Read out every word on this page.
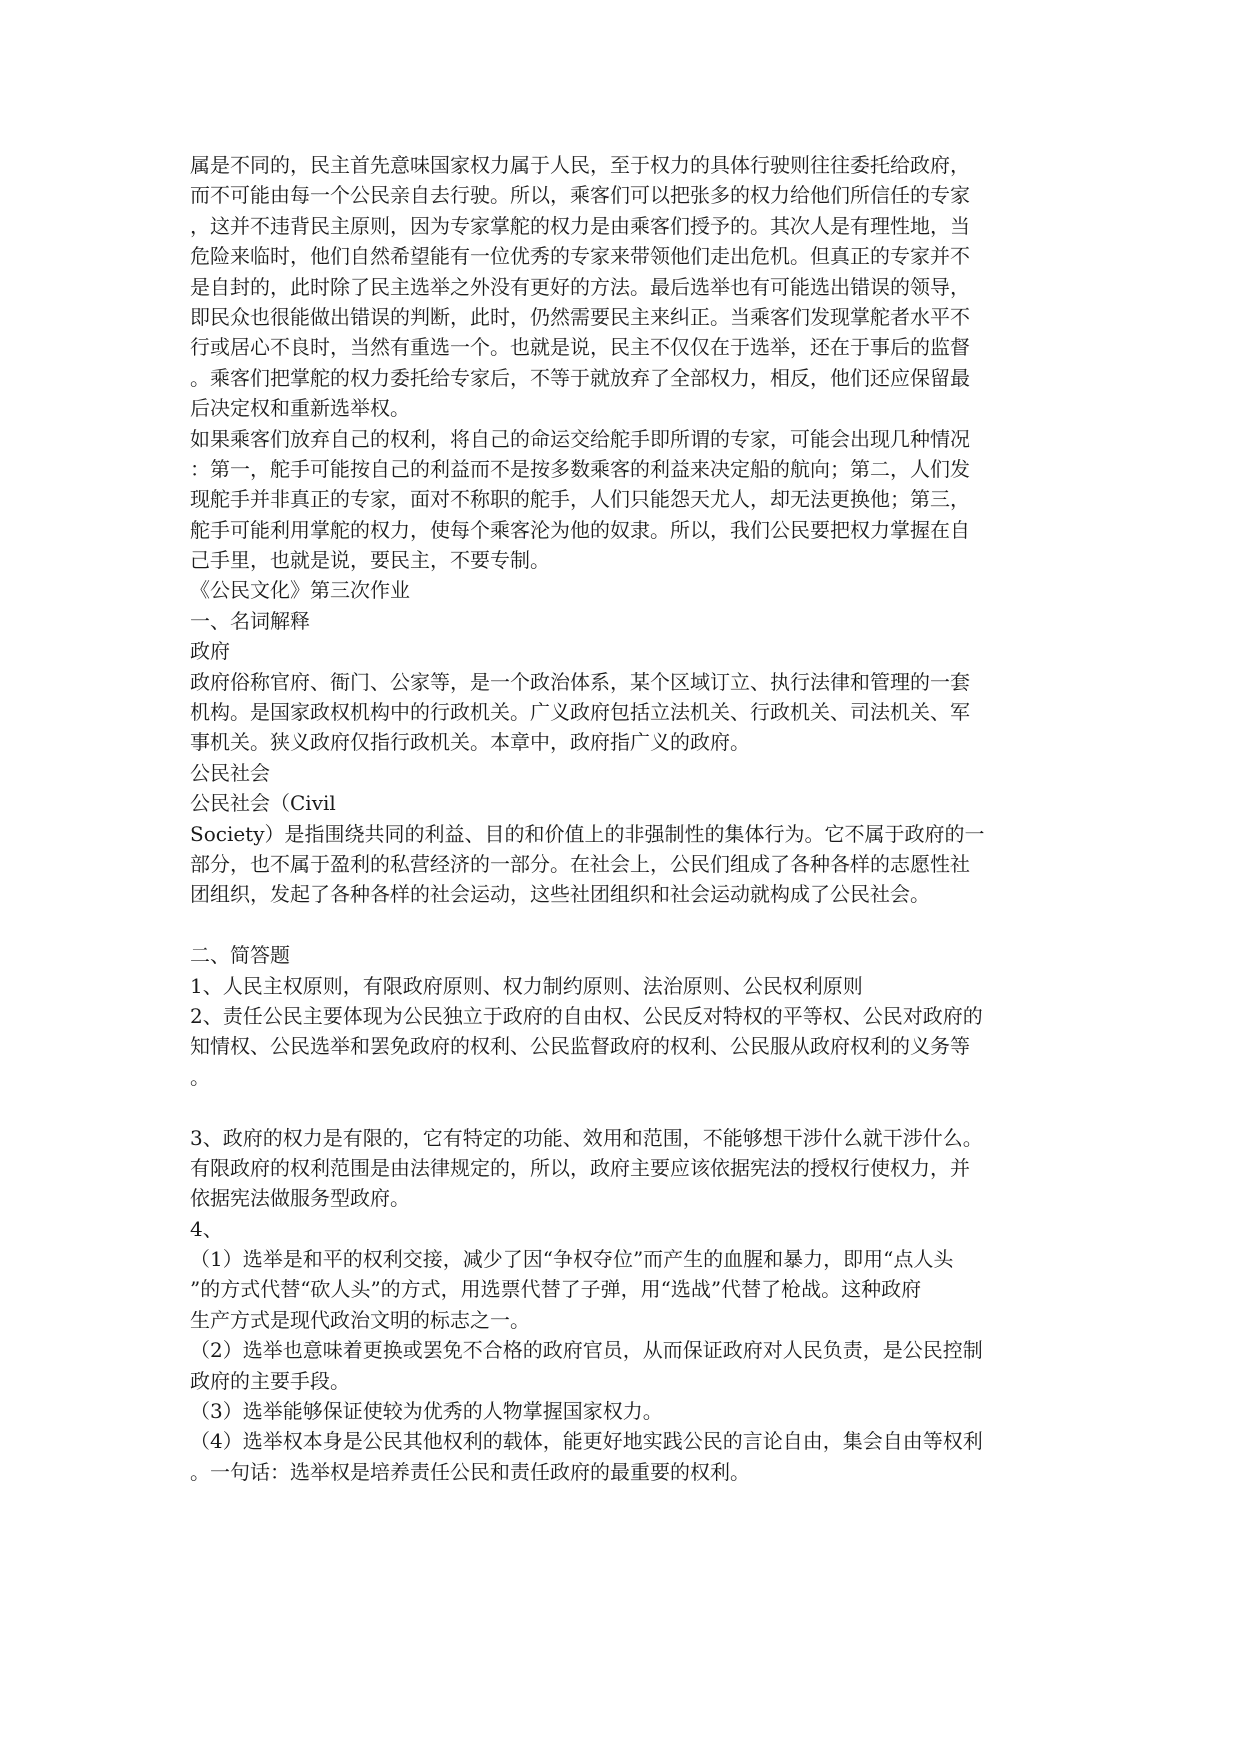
属是不同的，民主首先意味国家权力属于人民，至于权力的具体行驶则往往委托给政府，
而不可能由每一个公民亲自去行驶。所以，乘客们可以把张多的权力给他们所信任的专家
，这并不违背民主原则，因为专家掌舵的权力是由乘客们授予的。其次人是有理性地，当
危险来临时，他们自然希望能有一位优秀的专家来带领他们走出危机。但真正的专家并不
是自封的，此时除了民主选举之外没有更好的方法。最后选举也有可能选出错误的领导，
即民众也很能做出错误的判断，此时，仍然需要民主来纠正。当乘客们发现掌舵者水平不
行或居心不良时，当然有重选一个。也就是说，民主不仅仅在于选举，还在于事后的监督
。乘客们把掌舵的权力委托给专家后，不等于就放弃了全部权力，相反，他们还应保留最
后决定权和重新选举权。
如果乘客们放弃自己的权利，将自己的命运交给舵手即所谓的专家，可能会出现几种情况
：第一，舵手可能按自己的利益而不是按多数乘客的利益来决定船的航向；第二，人们发
现舵手并非真正的专家，面对不称职的舵手，人们只能怨天尤人，却无法更换他；第三，
舵手可能利用掌舵的权力，使每个乘客沦为他的奴隶。所以，我们公民要把权力掌握在自
己手里，也就是说，要民主，不要专制。
《公民文化》第三次作业
一、名词解释
政府
政府俗称官府、衙门、公家等，是一个政治体系，某个区域订立、执行法律和管理的一套
机构。是国家政权机构中的行政机关。广义政府包括立法机关、行政机关、司法机关、军
事机关。狭义政府仅指行政机关。本章中，政府指广义的政府。
公民社会
公民社会（Civil
Society）是指围绕共同的利益、目的和价值上的非强制性的集体行为。它不属于政府的一
部分，也不属于盈利的私营经济的一部分。在社会上，公民们组成了各种各样的志愿性社
团组织，发起了各种各样的社会运动，这些社团组织和社会运动就构成了公民社会。
二、简答题
1、人民主权原则，有限政府原则、权力制约原则、法治原则、公民权利原则
2、责任公民主要体现为公民独立于政府的自由权、公民反对特权的平等权、公民对政府的
知情权、公民选举和罢免政府的权利、公民监督政府的权利、公民服从政府权利的义务等
。
3、政府的权力是有限的，它有特定的功能、效用和范围，不能够想干涉什么就干涉什么。
有限政府的权利范围是由法律规定的，所以，政府主要应该依据宪法的授权行使权力，并
依据宪法做服务型政府。
4、
（1）选举是和平的权利交接，减少了因“争权夺位”而产生的血腥和暴力，即用“点人头
”的方式代替“砍人头”的方式，用选票代替了子弹，用“选战”代替了枪战。这种政府
生产方式是现代政治文明的标志之一。
（2）选举也意味着更换或罢免不合格的政府官员，从而保证政府对人民负责，是公民控制
政府的主要手段。
（3）选举能够保证使较为优秀的人物掌握国家权力。
（4）选举权本身是公民其他权利的载体，能更好地实践公民的言论自由，集会自由等权利
。一句话：选举权是培养责任公民和责任政府的最重要的权利。
